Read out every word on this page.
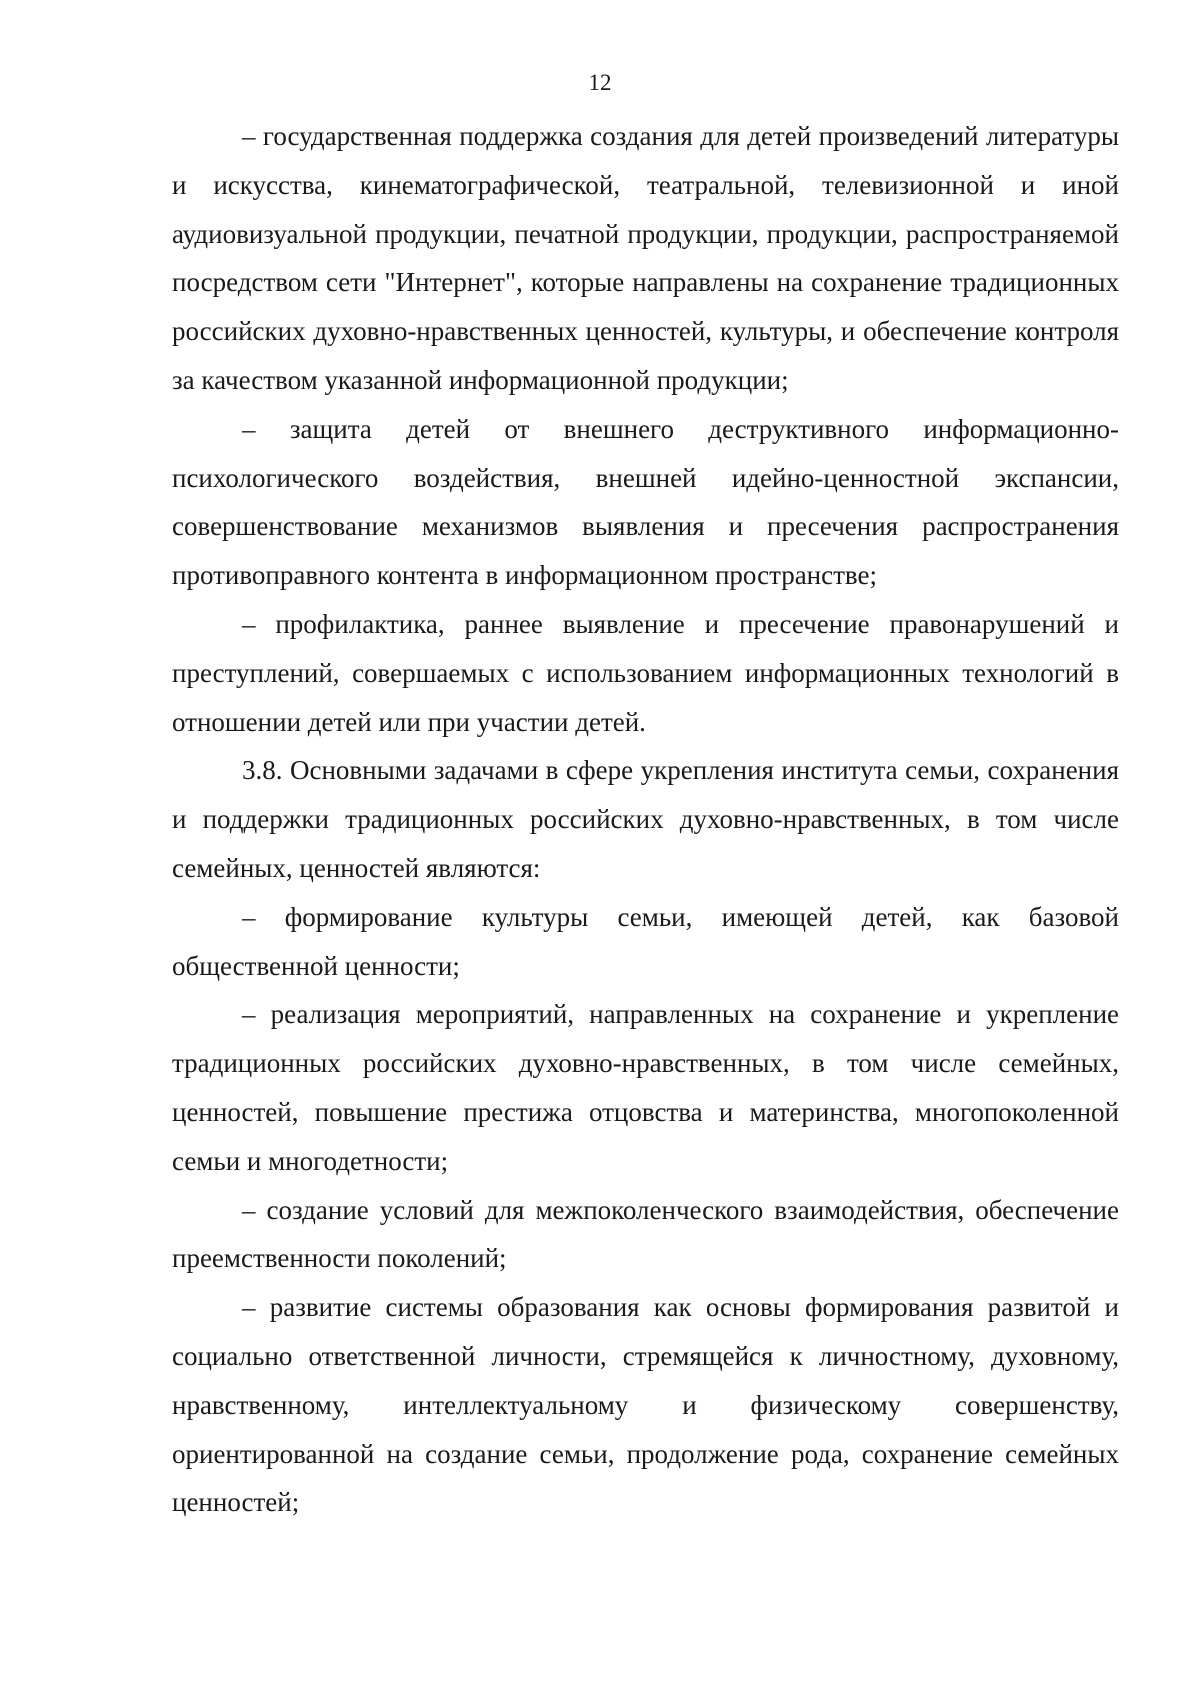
12

– государственная поддержка создания для детей произведений литературы и искусства, кинематографической, театральной, телевизионной и иной аудиовизуальной продукции, печатной продукции, продукции, распространяемой посредством сети "Интернет", которые направлены на сохранение традиционных российских духовно-нравственных ценностей, культуры, и обеспечение контроля за качеством указанной информационной продукции;

– защита детей от внешнего деструктивного информационно-психологического воздействия, внешней идейно-ценностной экспансии, совершенствование механизмов выявления и пресечения распространения противоправного контента в информационном пространстве;

– профилактика, раннее выявление и пресечение правонарушений и преступлений, совершаемых с использованием информационных технологий в отношении детей или при участии детей.

3.8. Основными задачами в сфере укрепления института семьи, сохранения и поддержки традиционных российских духовно-нравственных, в том числе семейных, ценностей являются:

– формирование культуры семьи, имеющей детей, как базовой общественной ценности;

– реализация мероприятий, направленных на сохранение и укрепление традиционных российских духовно-нравственных, в том числе семейных, ценностей, повышение престижа отцовства и материнства, многопоколенной семьи и многодетности;

– создание условий для межпоколенческого взаимодействия, обеспечение преемственности поколений;

– развитие системы образования как основы формирования развитой и социально ответственной личности, стремящейся к личностному, духовному, нравственному, интеллектуальному и физическому совершенству, ориентированной на создание семьи, продолжение рода, сохранение семейных ценностей;
